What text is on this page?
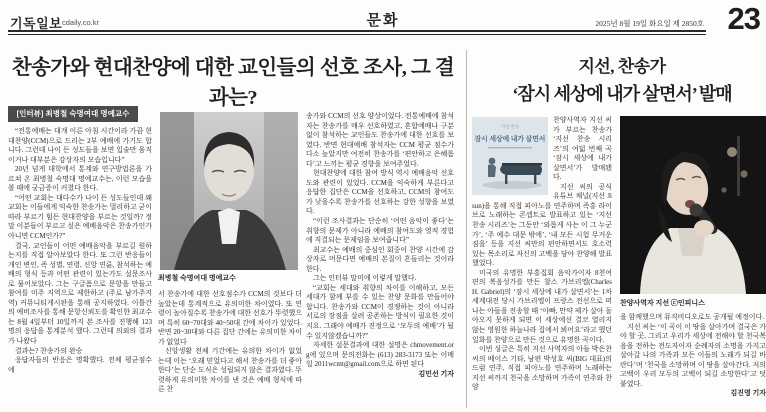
기독일보 cdaily.co.kr	문화	2025년 8월 19일 화요일 제 2850호 23
찬송가와 현대찬양에 대한 교인들의 선호 조사, 그 결과는?
[인터뷰] 최병철 숙명여대 명예교수
최병철 숙명여대 명예교수

“전통예배는 대개 이른 아침 시간이라 가끔 현대찬양(CCM)으로 드리는 2부 예배에 가기도 합니다. 그런데 나이 든 성도들을 보면 입술만 움직이거나 대부분은 감상자의 모습입니다”

20년 넘게 대학에서 통계와 연구방법론을 가르쳐 온 최병철 숙명대 명예교수는, 이런 모습을 볼 때에 궁금증이 커졌다 한다.

“어떤 교회는 대다수가 나이 든 성도들인데 왜 교회는 이들에게 익숙한 찬송가는 멀리하고 굳이 따라 부르기 힘든 현대찬양을 부르는 것일까? 정말 이분들이 부르고 싶은 예배음악은 찬송가인가 아니면 CCM인가?”

결국, 교인들이 어떤 예배음악을 부르길 원하는지를 직접 알아보았다 한다. 또 그런 반응들이 개인 변인, 즉 성별, 연령, 신앙 연륜, 참석하는 예배의 형식 등과 어떤 관련이 있는가도 설문조사로 물어보았다. 그는 구글폼으로 문항을 만들고 참여를 미주 지역으로 제한하고 (주로 남가주지역) 커뮤니티게시판을 통해 공지하였다. 이틀간의 예비조사를 통해 문항신뢰도를 확인한 최교수는 8월 4일부터 10일까지 본 조사를 진행해 123명의 응답을 통계분석 했다. 그런데 의외의 결과가 나왔다

결과는? 찬송가의 완승

응답자들의 반응은 명확했다. 전체 평균점수에

서 찬송가에 대한 선호점수가 CCM의 것보다 더 높았는데 통계적으로 유의미한 차이였다. 또 연령이 높아질수록 찬송가에 대한 선호가 뚜렷했으며 특히 60~70대와 40~50대 간에 차이가 있었다. 반면 20~30대와 다른 집단 간에는 유의미한 차이가 없었다

신앙생활 전체 기간에는 유의한 차이가 없었는데 이는 ‘오래 믿었다고 해서 찬송가를 더 좋아한다’는 단순 도식은 성립되지 않은 결과였다. 뚜렷하게 유의미한 차이를 낸 것은 예배 형식에 따른 찬

송가와 CCM의 선호 양상이었다. 전통예배에 참석자는 찬송가를 매우 선호하였고, 혼합예배나 구분 없이 참석하는 교인들도 찬송가에 대한 선호를 보였다. 반면 현대예배 참석자는 CCM 평균 점수가 다소 높았지만 여전히 찬송가를 ‘편안하고 은혜롭다’고 느끼는 평균 경향을 보여주었다.

현대찬양에 대한 참여 방식 역시 예배음악 선호도와 관련이 있었다. CCM을 익숙하게 부른다고 응답한 집단은 CCM을 선호하고, CCM의 참여도가 낮을수록 찬송가를 선호하는 강한 성향을 보였다.

“이런 조사결과는 단순히 ‘어떤 음악이 좋다’는 취향의 문제가 아니라 예배의 참여도와 영적 경험에 직결되는 문제임을 보여줍니다”

최교수는 예배의 중심인 회중이 찬양 시간에 감상자로 머문다면 예배의 본질이 흔들리는 것이라 한다.

그는 인터뷰 말미에 이렇게 말했다.

“교회는 세대와 취향의 차이를 이해하고, 모든 세대가 함께 부를 수 있는 찬양 문화를 만들어야 합니다. 찬송가와 CCM이 경쟁하는 것이 아니라 서로의 장점을 살려 공존하는 방식이 필요한 것이지요. 그래야 예배가 진정으로 ‘모두의 예배’가 될 수 있지않겠습니까?”

자세한 설문결과에 대한 설명은 chmovement.org에 있으며 문의전화는 (613) 283-3173 또는 이메일 2011wcmt@gmail.com으로 하면 된다

김민선 기자

지선, 찬송가
‘잠시 세상에 내가 살면서’ 발매
지선 찬송
잠시 세상에 내가 살면서

찬양사역자 지선 씨가 부르는 찬송가 ‘지선 찬송 시리즈’의 여덟 번째 곡 ‘잠시 세상에 내가 살면서’가 발매됐다.

지선 씨의 공식 유튜브 채널(지선 Jisun)을 통해 직접 피아노를 연주하며 즉흥 라이브로 노래하는 콘셉트로 발표하고 있는 ‘지선 찬송 시리즈’는 그동안 ‘외롭게 사는 이 그 누군가’, ‘주 예수 대문 밖에’, ‘내 모든 시험 무거운 짐을’ 등을 지선 씨만의 편안하면서도 호소력 있는 목소리로 자신의 고백을 담아 찬양해 발표했었다.

미국의 유명한 부흥집회 음악가이자 8천여 편의 복음성가를 만든 찰스 가브리엘(Charles H. Gabriel)의 ‘잠시 세상에 내가 살면서’는 1차 세계대전 당시 가브리엘이 프랑스 전선으로 떠나는 아들을 전송할 때 ‘아빠, 만약 제가 살아 돌아오지 못하게 되면 이 세상에선 결코 열리지 않는 영원한 하늘나라 집에서 뵈어요’라고 했던 일화를 찬양으로 만든 것으로 유명한 곡이다.

이번 싱글은 특히 지선 사역자의 아들 박은찬 씨의 베이스 기타, 남편 박성호 씨(BIG 대표)의 드럼 연주, 직접 피아노를 연주하며 노래하는 지선 씨까지 천국을 소망하며 가족이 연주와 찬양

찬양사역자 지선 ⓒ인피니스

을 함께했으며 뮤직비디오로도 공개될 예정이다.

지선 씨는 ‘이 곡이 이 땅을 살아가며 결국은 가야 할 곳, 그리고 우리가 세상에 전해야 할 천국복음을 전하는 전도자이자 순례자의 소명을 가지고 살아갈 나의 가족과 모든 이들의 노래가 되길 바란다’며 ‘천국을 소망하며 이 땅을 살아간다. 저의 고백이 우리 모두의 고백이 되길 소망한다’고 덧붙였다.

김진영 기자
